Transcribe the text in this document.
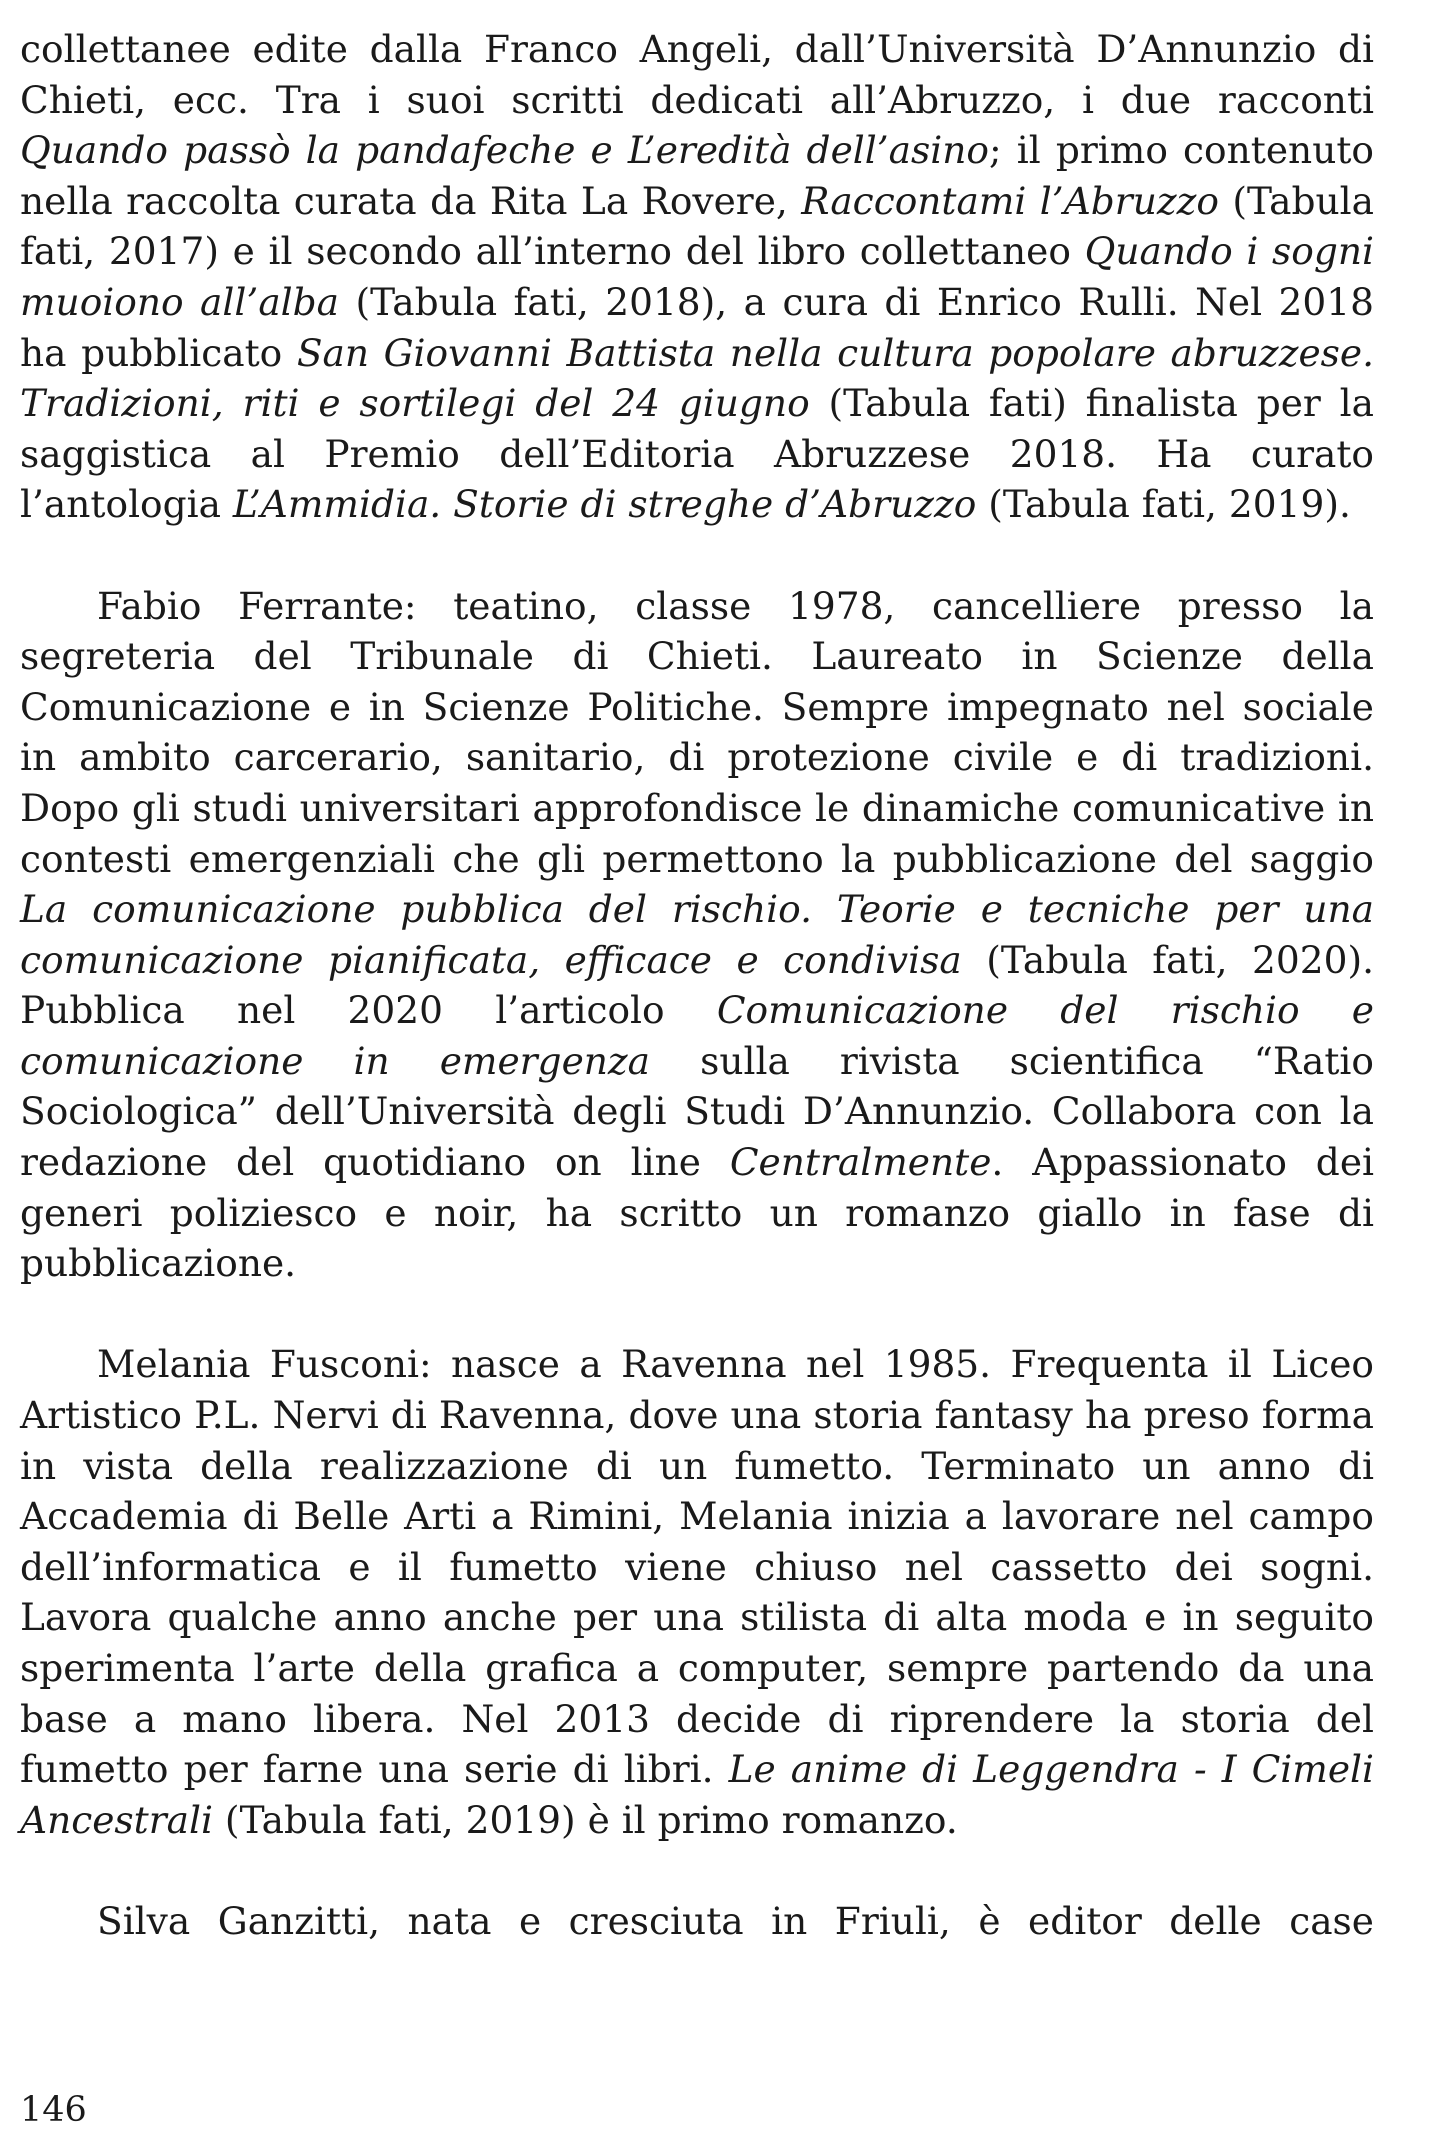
collettanee edite dalla Franco Angeli, dall’Università D’Annunzio di Chieti, ecc. Tra i suoi scritti dedicati all’Abruzzo, i due racconti Quando passò la pandafeche e L’eredità dell’asino; il primo contenuto nella raccolta curata da Rita La Rovere, Raccontami l’Abruzzo (Tabula fati, 2017) e il secondo all’interno del libro collettaneo Quando i sogni muoiono all’alba (Tabula fati, 2018), a cura di Enrico Rulli. Nel 2018 ha pubblicato San Giovanni Battista nella cultura popolare abruzzese. Tradizioni, riti e sortilegi del 24 giugno (Tabula fati) finalista per la saggistica al Premio dell’Editoria Abruzzese 2018. Ha curato l’antologia L’Ammidia. Storie di streghe d’Abruzzo (Tabula fati, 2019).

Fabio Ferrante: teatino, classe 1978, cancelliere presso la segreteria del Tribunale di Chieti. Laureato in Scienze della Comunicazione e in Scienze Politiche. Sempre impegnato nel sociale in ambito carcerario, sanitario, di protezione civile e di tradizioni. Dopo gli studi universitari approfondisce le dinamiche comunicative in contesti emergenziali che gli permettono la pubblicazione del saggio La comunicazione pubblica del rischio. Teorie e tecniche per una comunicazione pianificata, efficace e condivisa (Tabula fati, 2020). Pubblica nel 2020 l’articolo Comunicazione del rischio e comunicazione in emergenza sulla rivista scientifica “Ratio Sociologica” dell’Università degli Studi D’Annunzio. Collabora con la redazione del quotidiano on line Centralmente. Appassionato dei generi poliziesco e noir, ha scritto un romanzo giallo in fase di pubblicazione.

Melania Fusconi: nasce a Ravenna nel 1985. Frequenta il Liceo Artistico P.L. Nervi di Ravenna, dove una storia fantasy ha preso forma in vista della realizzazione di un fumetto. Terminato un anno di Accademia di Belle Arti a Rimini, Melania inizia a lavorare nel campo dell’informatica e il fumetto viene chiuso nel cassetto dei sogni. Lavora qualche anno anche per una stilista di alta moda e in seguito sperimenta l’arte della grafica a computer, sempre partendo da una base a mano libera. Nel 2013 decide di riprendere la storia del fumetto per farne una serie di libri. Le anime di Leggendra - I Cimeli Ancestrali (Tabula fati, 2019) è il primo romanzo.

Silva Ganzitti, nata e cresciuta in Friuli, è editor delle case

146
